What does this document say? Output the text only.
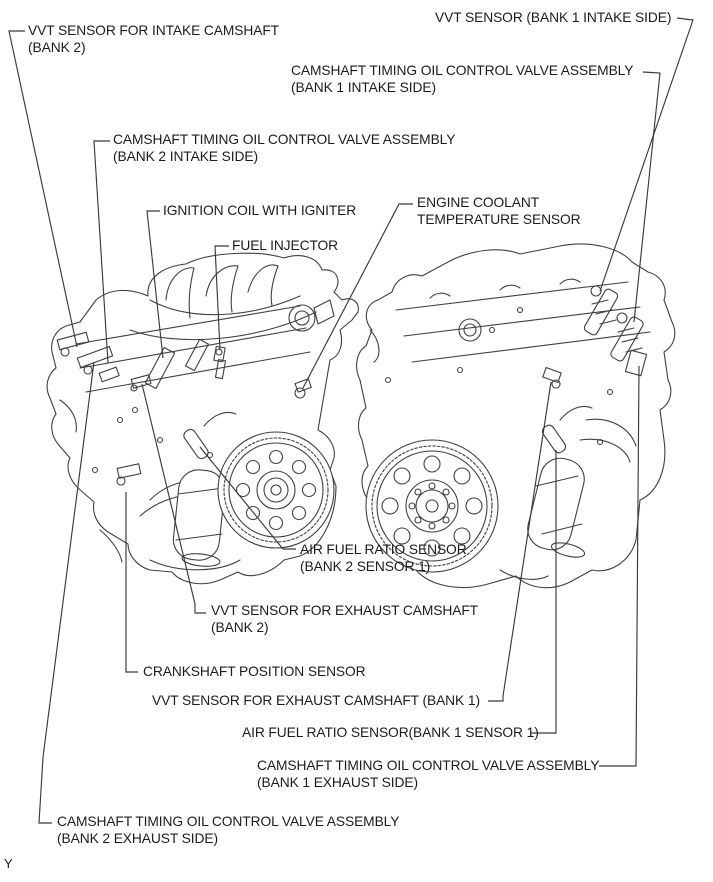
VVT SENSOR FOR INTAKE CAMSHAFT
(BANK 2)
VVT SENSOR (BANK 1 INTAKE SIDE)
CAMSHAFT TIMING OIL CONTROL VALVE ASSEMBLY
(BANK 1 INTAKE SIDE)
CAMSHAFT TIMING OIL CONTROL VALVE ASSEMBLY
(BANK 2 INTAKE SIDE)
IGNITION COIL WITH IGNITER
FUEL INJECTOR
ENGINE COOLANT
TEMPERATURE SENSOR
AIR FUEL RATIO SENSOR
(BANK 2 SENSOR 1)
VVT SENSOR FOR EXHAUST CAMSHAFT
(BANK 2)
CRANKSHAFT POSITION SENSOR
VVT SENSOR FOR EXHAUST CAMSHAFT (BANK 1)
AIR FUEL RATIO SENSOR(BANK 1 SENSOR 1)
CAMSHAFT TIMING OIL CONTROL VALVE ASSEMBLY
(BANK 1 EXHAUST SIDE)
CAMSHAFT TIMING OIL CONTROL VALVE ASSEMBLY
(BANK 2 EXHAUST SIDE)
Y
